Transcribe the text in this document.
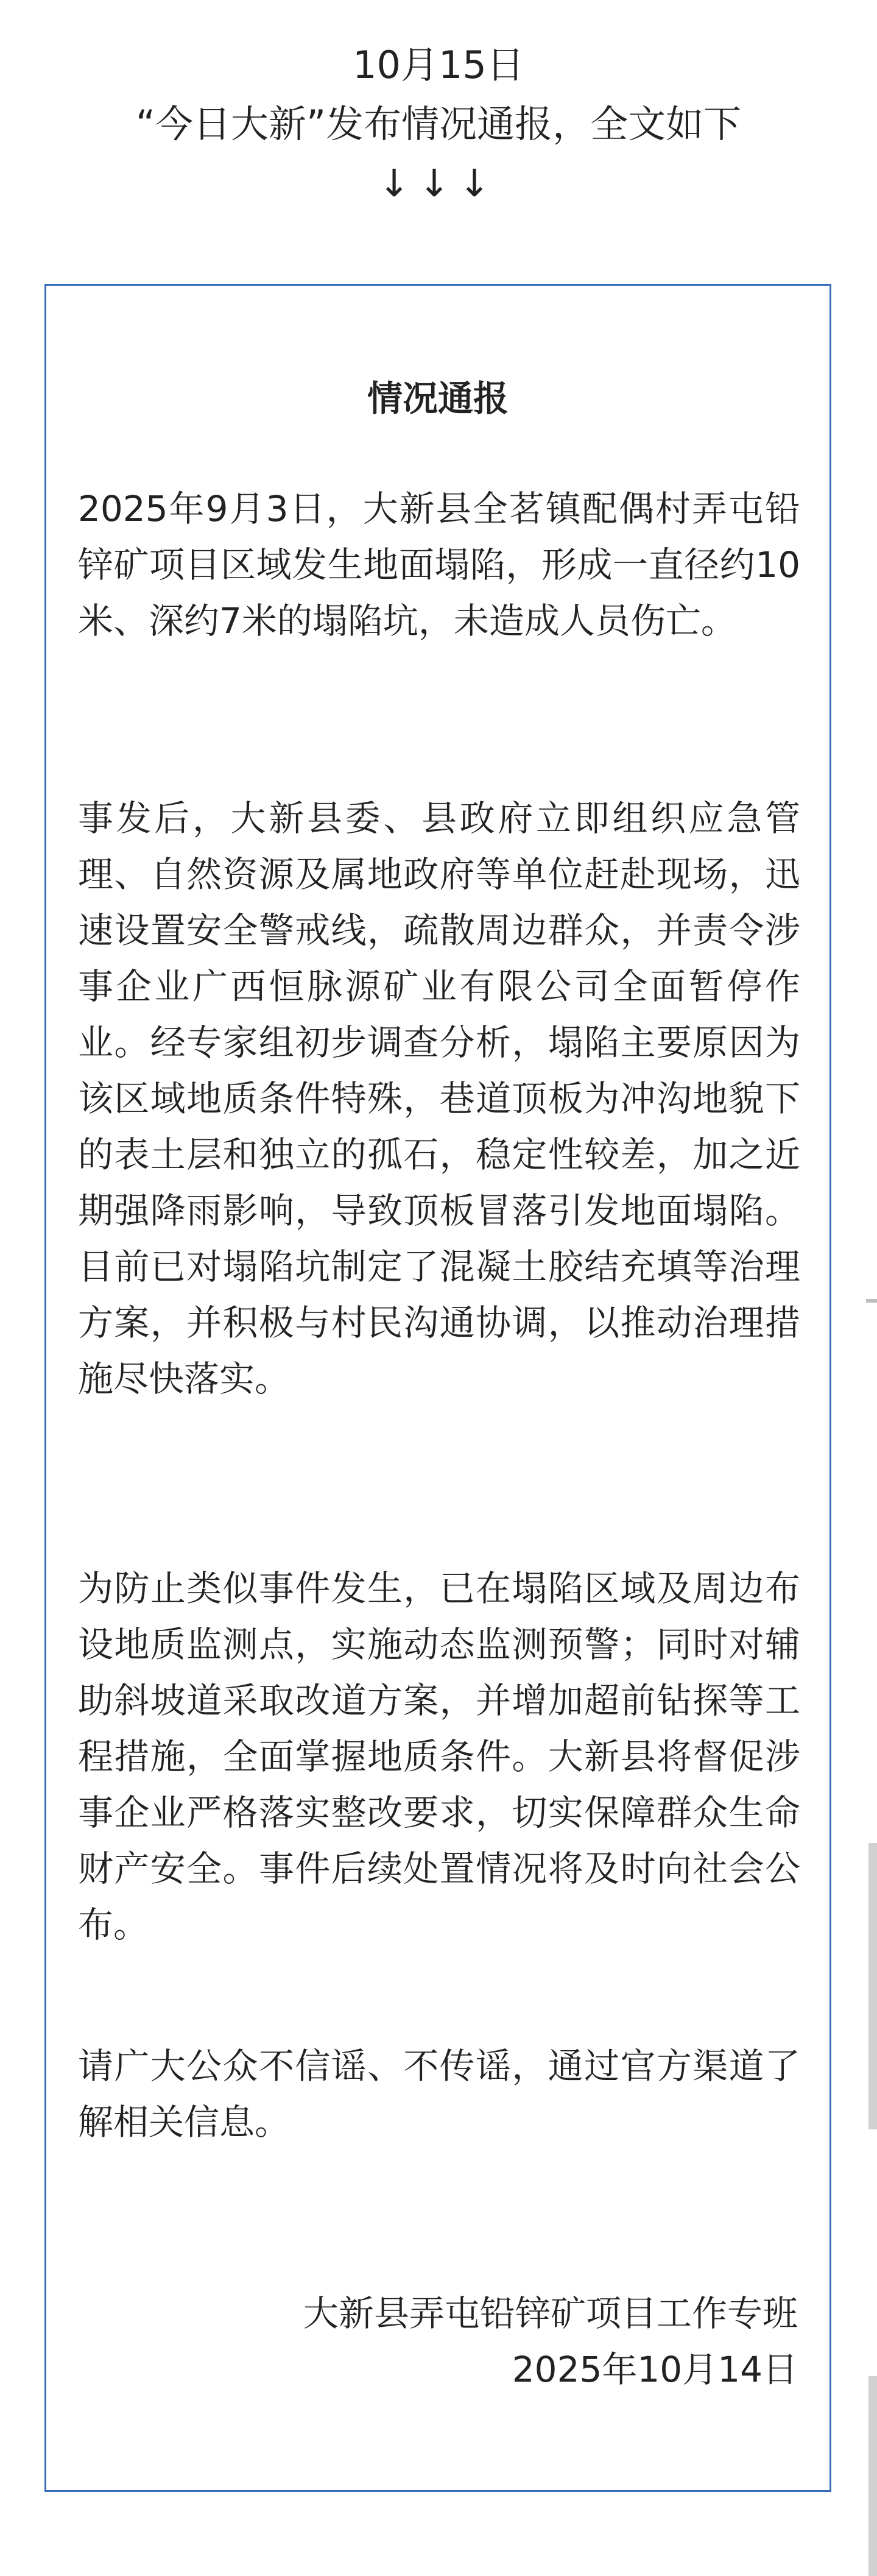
10月15日
“今日大新”发布情况通报，全文如下
↓↓↓
情况通报

2025年9月3日，大新县全茗镇配偶村弄屯铅锌矿项目区域发生地面塌陷，形成一直径约10米、深约7米的塌陷坑，未造成人员伤亡。

事发后，大新县委、县政府立即组织应急管理、自然资源及属地政府等单位赶赴现场，迅速设置安全警戒线，疏散周边群众，并责令涉事企业广西恒脉源矿业有限公司全面暂停作业。经专家组初步调查分析，塌陷主要原因为该区域地质条件特殊，巷道顶板为冲沟地貌下的表土层和独立的孤石，稳定性较差，加之近期强降雨影响，导致顶板冒落引发地面塌陷。目前已对塌陷坑制定了混凝土胶结充填等治理方案，并积极与村民沟通协调，以推动治理措施尽快落实。

为防止类似事件发生，已在塌陷区域及周边布设地质监测点，实施动态监测预警；同时对辅助斜坡道采取改道方案，并增加超前钻探等工程措施，全面掌握地质条件。大新县将督促涉事企业严格落实整改要求，切实保障群众生命财产安全。事件后续处置情况将及时向社会公布。

请广大公众不信谣、不传谣，通过官方渠道了解相关信息。

大新县弄屯铅锌矿项目工作专班
2025年10月14日
